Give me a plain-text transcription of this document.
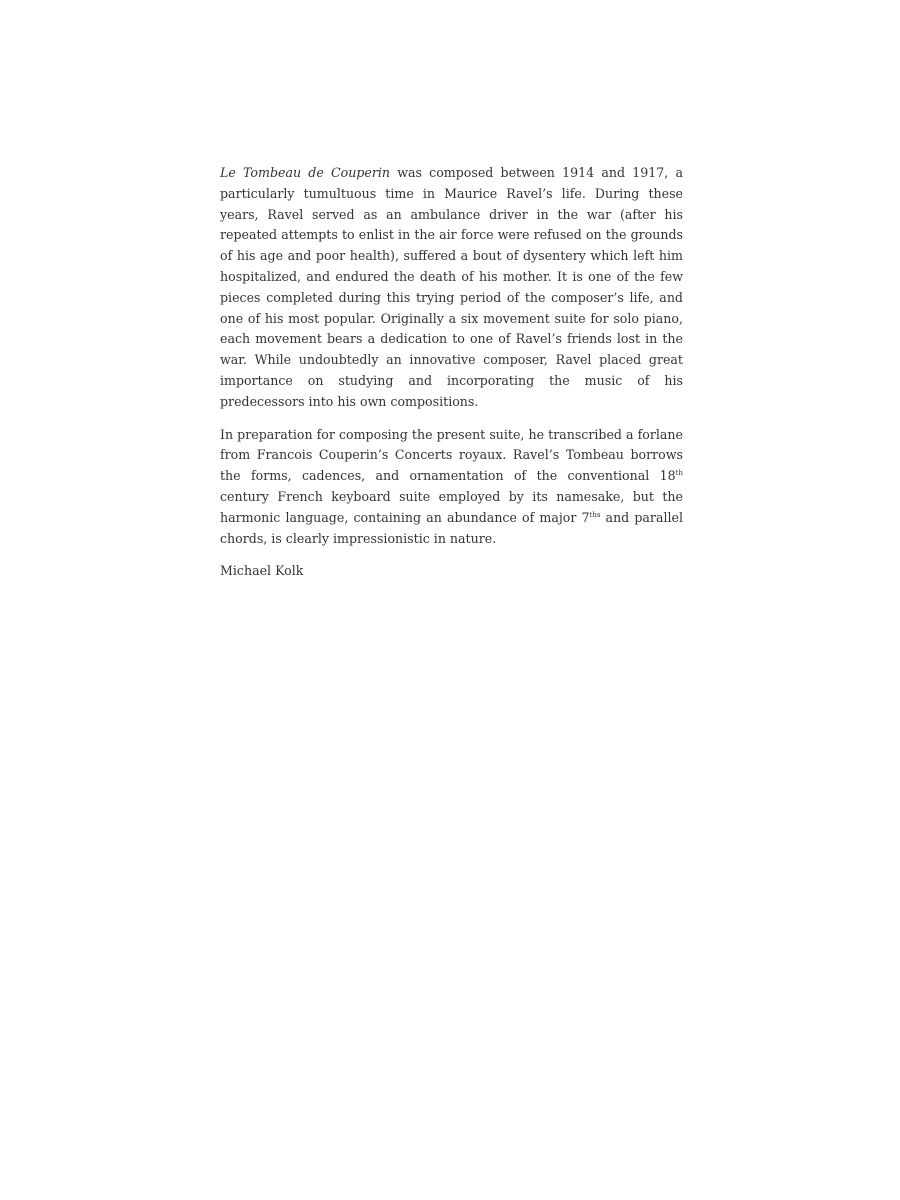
Le Tombeau de Couperin was composed between 1914 and 1917, a particularly tumultuous time in Maurice Ravel’s life. During these years, Ravel served as an ambulance driver in the war (after his repeated attempts to enlist in the air force were refused on the grounds of his age and poor health), suffered a bout of dysentery which left him hospitalized, and endured the death of his mother. It is one of the few pieces completed during this trying period of the composer’s life, and one of his most popular. Originally a six movement suite for solo piano, each movement bears a dedication to one of Ravel’s friends lost in the war. While undoubtedly an innovative composer, Ravel placed great importance on studying and incorporating the music of his predecessors into his own compositions.

In preparation for composing the present suite, he transcribed a forlane from Francois Couperin’s Concerts royaux. Ravel’s Tombeau borrows the forms, cadences, and ornamentation of the conventional 18th century French keyboard suite employed by its namesake, but the harmonic language, containing an abundance of major $7^{ths}$ and parallel chords, is clearly impressionistic in nature.

Michael Kolk
